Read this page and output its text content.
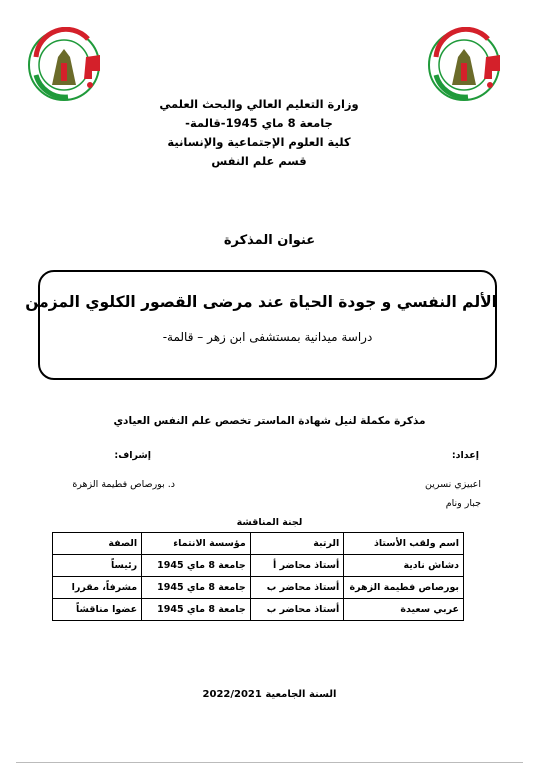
وزارة التعليم العالي والبحث العلمي
جامعة 8 ماي 1945-قالمة-
كلية العلوم الإجتماعية والإنسانية
قسم علم النفس
عنوان المذكرة
الألم النفسي و جودة الحياة عند مرضى القصور الكلوي المزمن
دراسة ميدانية بمستشفى ابن زهر – قالمة-
مذكرة مكملة لنيل شهادة الماستر تخصص علم النفس العيادي
إعداد:
اعبيزي نسرين
جبار ونام
إشراف:
د. بورصاص فطيمة الزهرة
لجنة المناقشة
اسم ولقب الأستاذ	الرتبة	مؤسسة الانتماء	الصفة
دشاش نادية	أستاذ محاضر أ	جامعة 8 ماي 1945	رئيساً
بورصاص فطيمة الزهرة	أستاذ محاضر ب	جامعة 8 ماي 1945	مشرفاً، مقررا
عربي سعيدة	أستاذ محاضر ب	جامعة 8 ماي 1945	عضوا مناقشاً
السنة الجامعية 2022/2021
